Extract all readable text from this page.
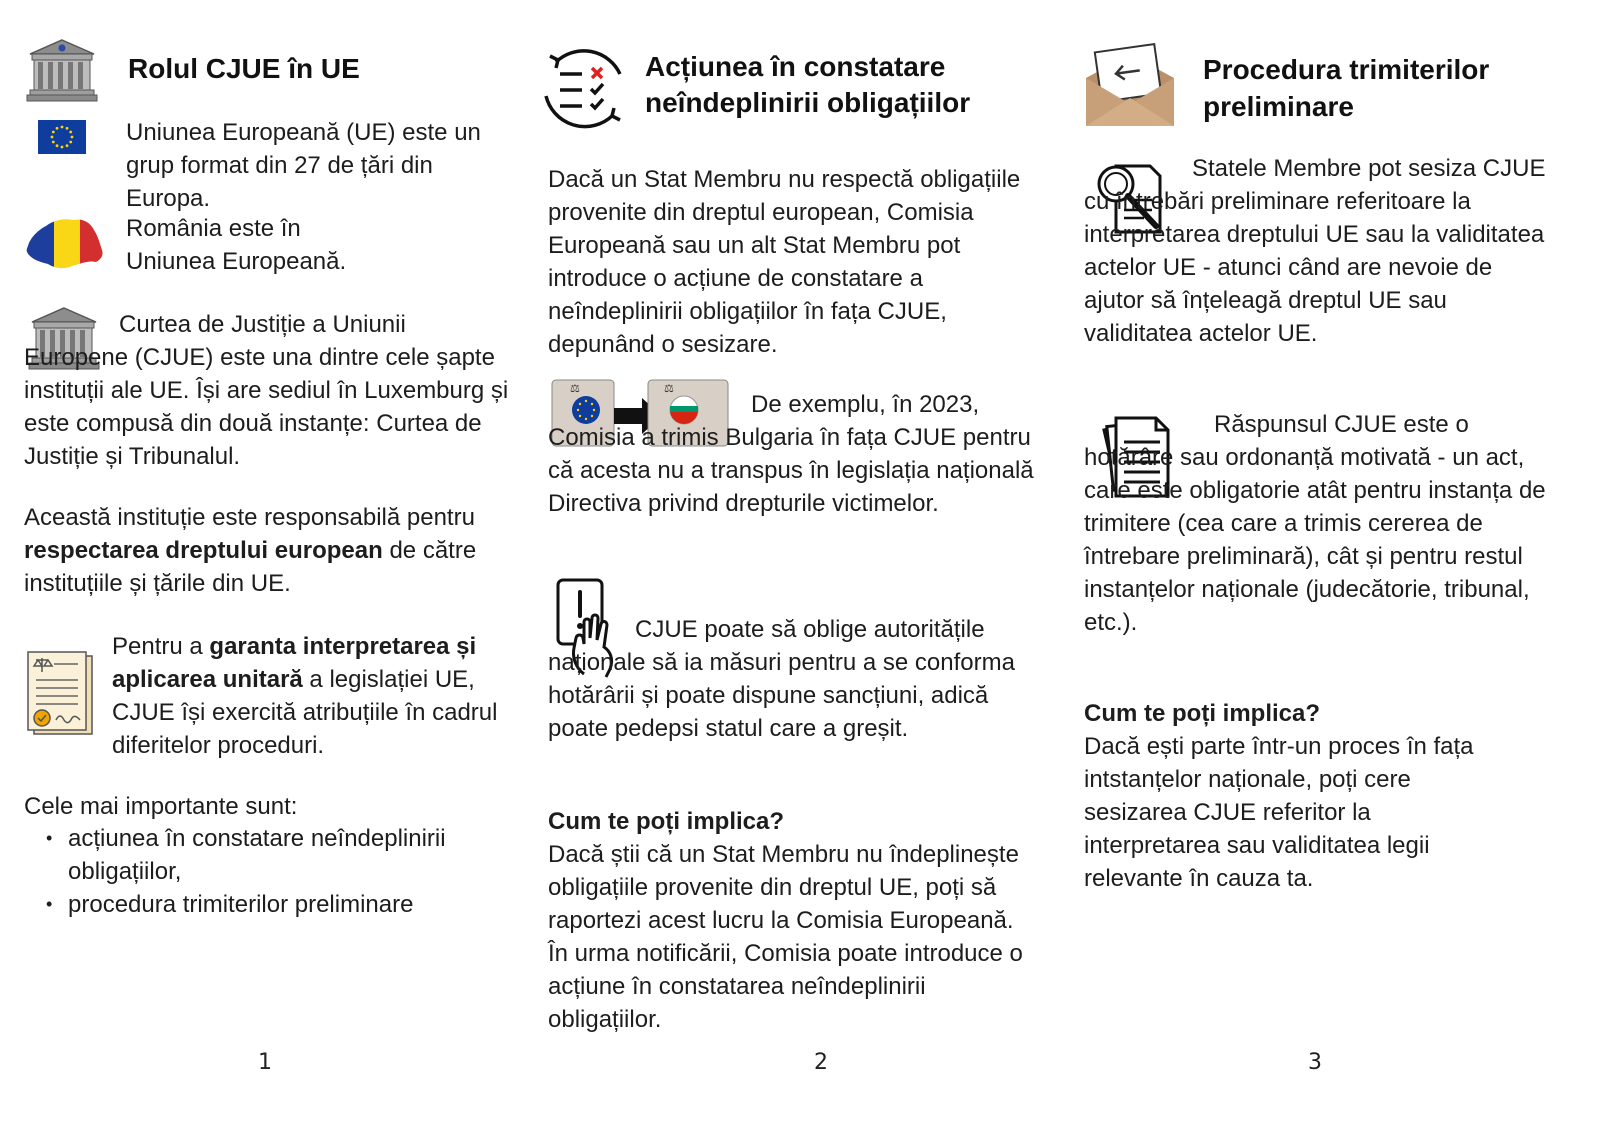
Rolul CJUE în UE
Uniunea Europeană (UE) este un grup format din 27 de țări din Europa.
România este în Uniunea Europeană.
Curtea de Justiție a Uniunii Europene (CJUE) este una dintre cele șapte instituții ale UE. Își are sediul în Luxemburg și este compusă din două instanțe: Curtea de Justiție și Tribunalul.
Această instituție este responsabilă pentru respectarea dreptului european de către instituțiile și țările din UE.
Pentru a garanta interpretarea și aplicarea unitară a legislației UE, CJUE își exercită atribuțiile în cadrul diferitelor proceduri.
Cele mai importante sunt:
• acțiunea în constatare neîndeplinirii obligațiilor,
• procedura trimiterilor preliminare
1
Acțiunea în constatare
neîndeplinirii obligațiilor
Dacă un Stat Membru nu respectă obligațiile provenite din dreptul european, Comisia Europeană sau un alt Stat Membru pot introduce o acțiune de constatare a neîndeplinirii obligațiilor în fața CJUE, depunând o sesizare.
⚖	⚖
De exemplu, în 2023, Comisia a trimis Bulgaria în fața CJUE pentru că acesta nu a transpus în legislația națională Directiva privind drepturile victimelor.
CJUE poate să oblige autoritățile naționale să ia măsuri pentru a se conforma hotărârii și poate dispune sancțiuni, adică poate pedepsi statul care a greșit.
Cum te poți implica?
Dacă știi că un Stat Membru nu îndeplinește obligațiile provenite din dreptul UE, poți să raportezi acest lucru la Comisia Europeană. În urma notificării, Comisia poate introduce o acțiune în constatarea neîndeplinirii obligațiilor.
2
Procedura trimiterilor
preliminare
Statele Membre pot sesiza CJUE cu întrebări preliminare referitoare la interpretarea dreptului UE sau la validitatea actelor UE - atunci când are nevoie de ajutor să înțeleagă dreptul UE sau validitatea actelor UE.
Răspunsul CJUE este o hotărâre sau ordonanță motivată - un act, care este obligatorie atât pentru instanța de trimitere (cea care a trimis cererea de întrebare preliminară), cât și pentru restul instanțelor naționale (judecătorie, tribunal, etc.).
Cum te poți implica?
Dacă ești parte într-un proces în fața intstanțelor naționale, poți cere sesizarea CJUE referitor la interpretarea sau validitatea legii relevante în cauza ta.
3
